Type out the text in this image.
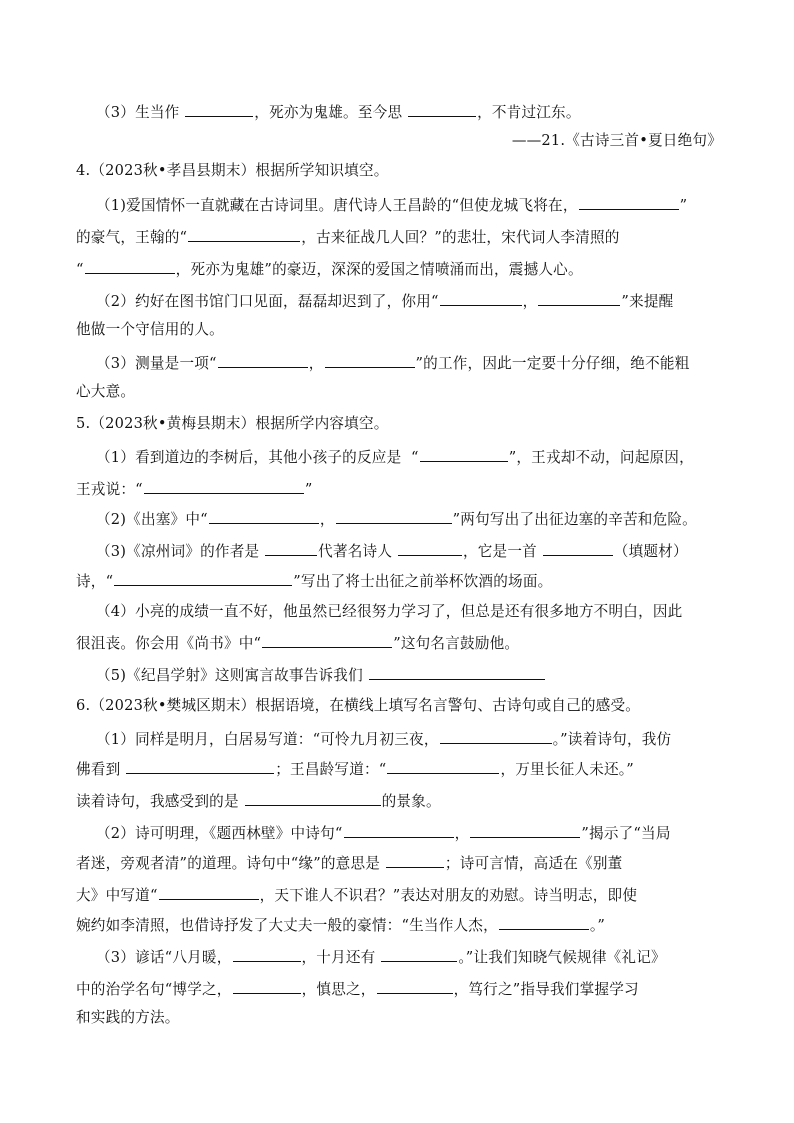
（3）生当作	，死亦为鬼雄。至今思	，不肯过江东。
——21.《古诗三首•夏日绝句》
4.（2023秋•孝昌县期末）根据所学知识填空。
（1)爱国情怀一直就藏在古诗词里。唐代诗人王昌龄的“但使龙城飞将在，	”
的豪气，王翰的“	，古来征战几人回？”的悲壮，宋代词人李清照的
“	，死亦为鬼雄”的豪迈，深深的爱国之情喷涌而出，震撼人心。
（2）约好在图书馆门口见面，磊磊却迟到了，你用“	，	”来提醒
他做一个守信用的人。
（3）测量是一项“	，	”的工作，因此一定要十分仔细，绝不能粗
心大意。
5.（2023秋•黄梅县期末）根据所学内容填空。
（1）看到道边的李树后，其他小孩子的反应是  “	”，王戎却不动，问起原因，
王戎说：“	”
（2)《出塞》中“	，	”两句写出了出征边塞的辛苦和危险。
（3)《凉州词》的作者是	代著名诗人	，它是一首	（填题材）
诗，“	”写出了将士出征之前举杯饮酒的场面。
（4）小亮的成绩一直不好，他虽然已经很努力学习了，但总是还有很多地方不明白，因此
很沮丧。你会用《尚书》中“	”这句名言鼓励他。
（5)《纪昌学射》这则寓言故事告诉我们
6.（2023秋•樊城区期末）根据语境，在横线上填写名言警句、古诗句或自己的感受。
（1）同样是明月，白居易写道：“可怜九月初三夜，	。”读着诗句，我仿
佛看到	；王昌龄写道：“	，万里长征人未还。”
读着诗句，我感受到的是	的景象。
（2）诗可明理，《题西林壁》中诗句“	，	”揭示了“当局
者迷，旁观者清”的道理。诗句中“缘”的意思是	；诗可言情，高适在《别董
大》中写道“	，天下谁人不识君？”表达对朋友的劝慰。诗当明志，即使
婉约如李清照，也借诗抒发了大丈夫一般的豪情：“生当作人杰，	。”
（3）谚话“八月暖，	，十月还有	。”让我们知晓气候规律《礼记》
中的治学名句“博学之，	，慎思之，	，笃行之”指导我们掌握学习
和实践的方法。
